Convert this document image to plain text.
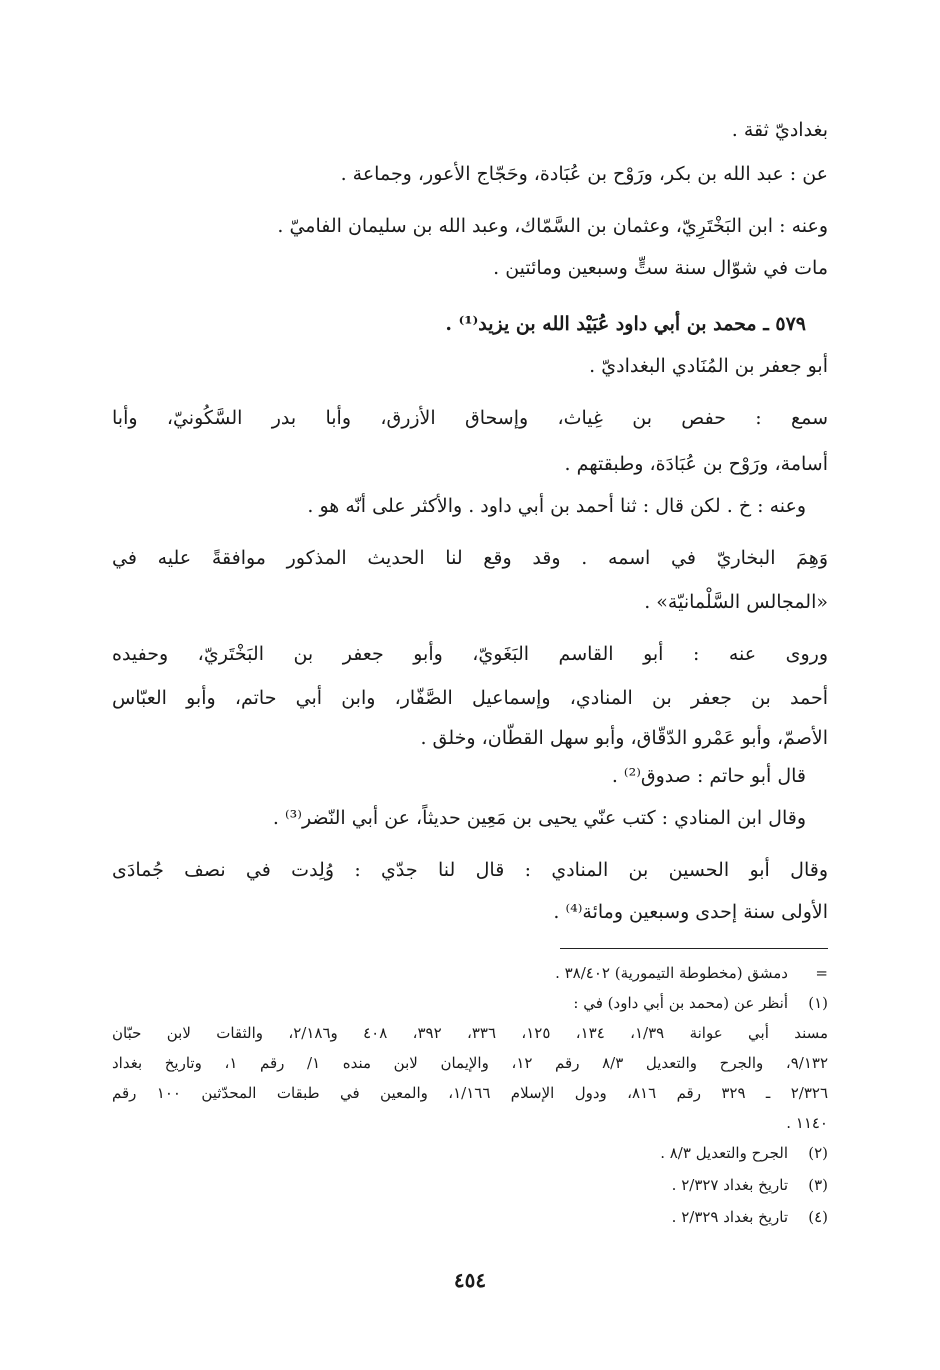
بغداديّ ثقة .
عن : عبد الله بن بكر، ورَوْح بن عُبَادة، وحَجّاج الأعور، وجماعة .
وعنه : ابن البَخْتَرِيّ، وعثمان بن السَّمّاك، وعبد الله بن سليمان الفاميّ .
مات في شوّال سنة ستٍّ وسبعين ومائتين .
٥٧٩ ـ محمد بن أبي داود عُبَيْد الله بن يزيد⁽¹⁾ .
أبو جعفر بن المُنَادي البغداديّ .
سمع : حفص بن غِياث، وإسحاق الأزرق، وأبا بدر السَّكُونيّ، وأبا
أسامة، ورَوْح بن عُبَادَة، وطبقتهم .
وعنه : خ . لكن قال : ثنا أحمد بن أبي داود . والأكثر على أنّه هو .
وَهِمَ البخاريّ في اسمه . وقد وقع لنا الحديث المذكور موافقةً عليه في
«المجالس السَّلْمانيّة» .
وروى عنه : أبو القاسم البَغَويّ، وأبو جعفر بن البَخْتَريّ، وحفيده
أحمد بن جعفر بن المنادي، وإسماعيل الصَّفّار، وابن أبي حاتم، وأبو العبّاس
الأصمّ، وأبو عَمْرو الدّقّاق، وأبو سهل القطّان، وخلق .
قال أبو حاتم : صدوق⁽²⁾ .
وقال ابن المنادي : كتب عنّي يحيى بن مَعِين حديثاً، عن أبي النّضر⁽³⁾ .
وقال أبو الحسين بن المنادي : قال لنا جدّي : وُلِدت في نصف جُمادَى
الأولى سنة إحدى وسبعين ومائة⁽⁴⁾ .
=
دمشق (مخطوطة التيمورية) ٣٨/٤٠٢ .
(١)
أنظر عن (محمد بن أبي داود) في :
مسند أبي عوانة ١/٣٩، ١٣٤، ١٢٥، ٣٣٦، ٣٩٢، ٤٠٨ و٢/١٨٦، والثقات لابن حبّان
٩/١٣٢، والجرح والتعديل ٨/٣ رقم ١٢، والإيمان لابن منده ١/ رقم ١، وتاريخ بغداد
٢/٣٢٦ ـ ٣٢٩ رقم ٨١٦، ودول الإسلام ١/١٦٦، والمعين في طبقات المحدّثين ١٠٠ رقم
١١٤٠ .
(٢)
الجرح والتعديل ٨/٣ .
(٣)
تاريخ بغداد ٢/٣٢٧ .
(٤)
تاريخ بغداد ٢/٣٢٩ .
٤٥٤
